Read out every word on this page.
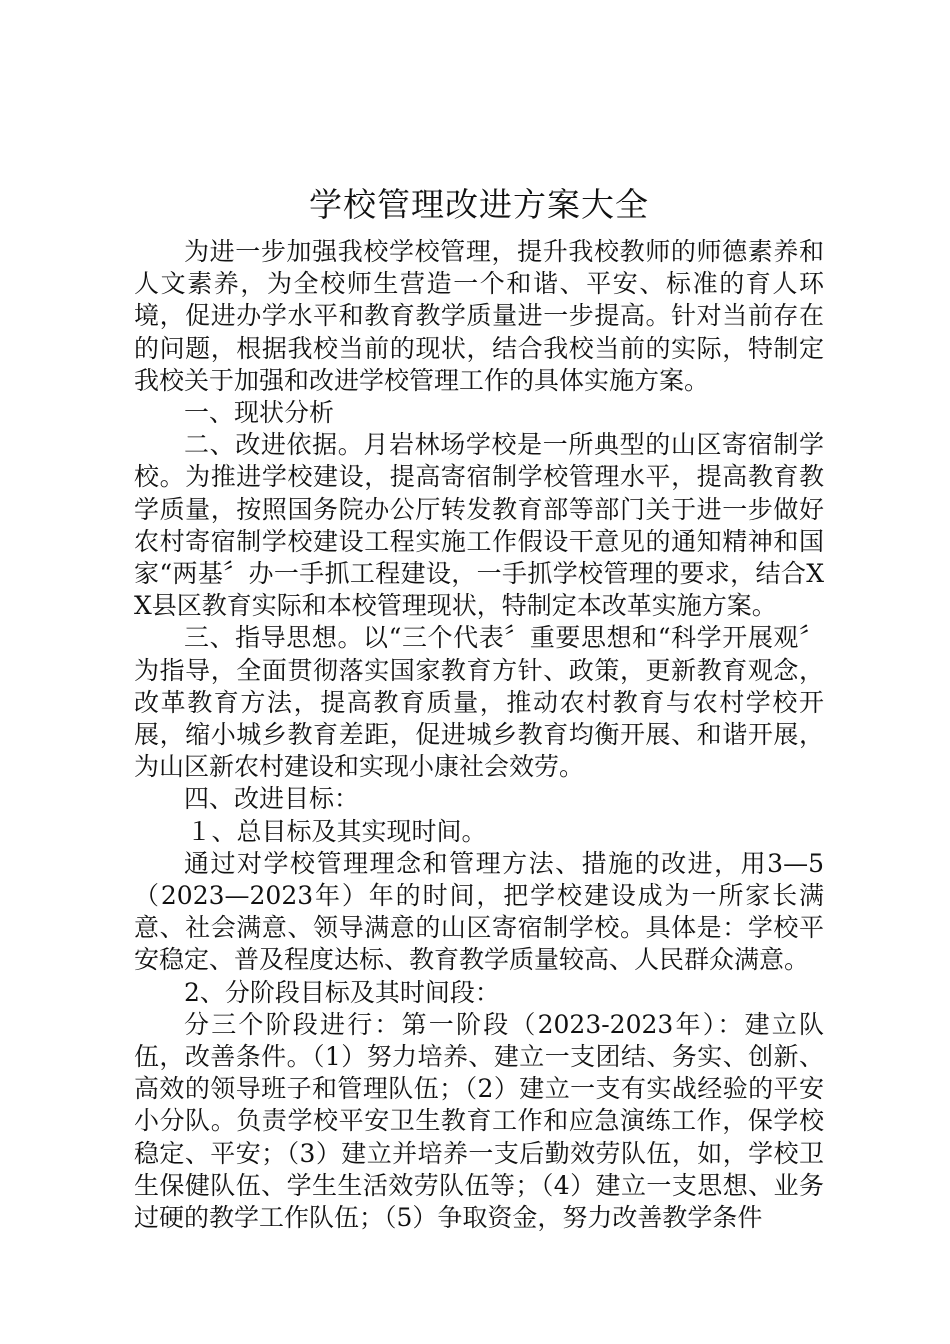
学校管理改进方案大全

为进一步加强我校学校管理，提升我校教师的师德素养和人文素养，为全校师生营造一个和谐、平安、标准的育人环境，促进办学水平和教育教学质量进一步提高。针对当前存在的问题，根据我校当前的现状，结合我校当前的实际，特制定我校关于加强和改进学校管理工作的具体实施方案。

一、现状分析

二、改进依据。月岩林场学校是一所典型的山区寄宿制学校。为推进学校建设，提高寄宿制学校管理水平，提高教育教学质量，按照国务院办公厅转发教育部等部门关于进一步做好农村寄宿制学校建设工程实施工作假设干意见的通知精神和国家“两基〞办一手抓工程建设，一手抓学校管理的要求，结合XX县区教育实际和本校管理现状，特制定本改革实施方案。

三、指导思想。以“三个代表〞重要思想和“科学开展观〞为指导，全面贯彻落实国家教育方针、政策，更新教育观念，改革教育方法，提高教育质量，推动农村教育与农村学校开展，缩小城乡教育差距，促进城乡教育均衡开展、和谐开展，为山区新农村建设和实现小康社会效劳。

四、改进目标：

１、总目标及其实现时间。

通过对学校管理理念和管理方法、措施的改进，用3—5（2023—2023年）年的时间，把学校建设成为一所家长满意、社会满意、领导满意的山区寄宿制学校。具体是：学校平安稳定、普及程度达标、教育教学质量较高、人民群众满意。

2、分阶段目标及其时间段：

分三个阶段进行：第一阶段（2023-2023年）：建立队伍，改善条件。（1）努力培养、建立一支团结、务实、创新、高效的领导班子和管理队伍；（2）建立一支有实战经验的平安小分队。负责学校平安卫生教育工作和应急演练工作，保学校稳定、平安；（3）建立并培养一支后勤效劳队伍，如，学校卫生保健队伍、学生生活效劳队伍等；（4）建立一支思想、业务过硬的教学工作队伍；（5）争取资金，努力改善教学条件
